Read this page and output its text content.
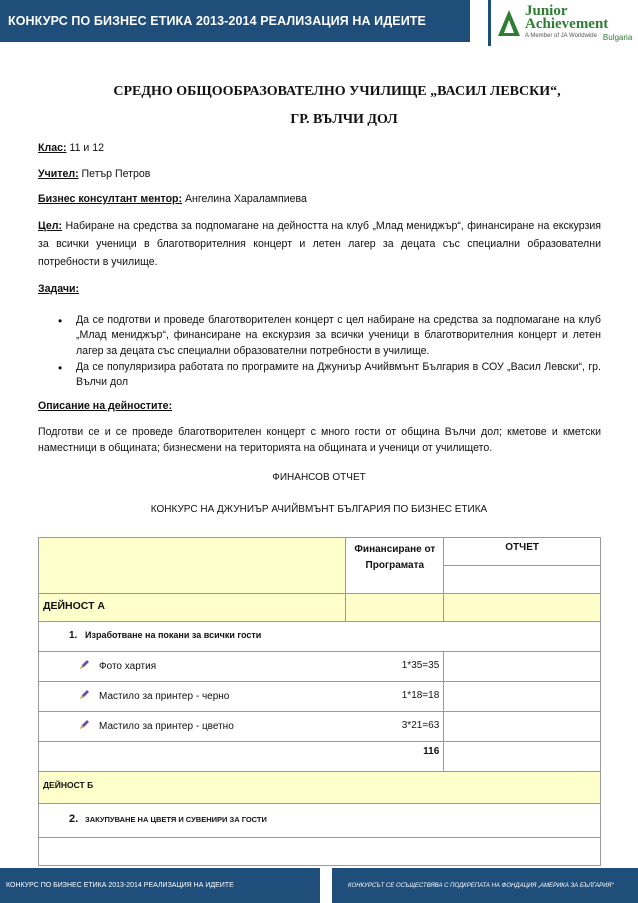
КОНКУРС ПО БИЗНЕС ЕТИКА 2013-2014 РЕАЛИЗАЦИЯ НА ИДЕИТЕ
Junior
Achievement
A Member of JA Worldwide Bulgaria
СРЕДНО ОБЩООБРАЗОВАТЕЛНО УЧИЛИЩЕ „ВАСИЛ ЛЕВСКИ“,
ГР. ВЪЛЧИ ДОЛ
Клас: 11 и 12
Учител: Петър Петров
Бизнес консултант ментор: Ангелина Харалампиева
Цел: Набиране на средства за подпомагане на дейността на клуб „Млад мениджър“, финансиране на екскурзия за всички ученици в благотворителния концерт и летен лагер за децата със специални образователни потребности в училище.
Задачи:
• Да се подготви и проведе благотворителен концерт с цел набиране на средства за подпомагане на клуб „Млад мениджър“, финансиране на екскурзия за всички ученици в благотворителния концерт и летен лагер за децата със специални образователни потребности в училище.
• Да се популяризира работата по програмите на Джуниър Ачийвмънт България в СОУ „Васил Левски“, гр. Вълчи дол
Описание на дейностите:
Подготви се и се проведе благотворителен концерт с много гости от община Вълчи дол; кметове и кметски наместници в общината; бизнесмени на територията на общината и ученици от училището.
ФИНАНСОВ ОТЧЕТ
КОНКУРС НА ДЖУНИЪР АЧИЙВМЪНТ БЪЛГАРИЯ ПО БИЗНЕС ЕТИКА
	Финансиране от Програмата	ОТЧЕТ

ДЕЙНОСТ А		
1. Изработване на покани за всички гости		

Фото хартия 1*35=35		

Мастило за принтер - черно 1*18=18		

Мастило за принтер - цветно 3*21=63		

116		
ДЕЙНОСТ Б		
2. ЗАКУПУВАНЕ НА ЦВЕТЯ И СУВЕНИРИ ЗА ГОСТИ		

КОНКУРС ПО БИЗНЕС ЕТИКА 2013-2014 РЕАЛИЗАЦИЯ НА ИДЕИТЕ	КОНКУРСЪТ СЕ ОСЪЩЕСТВЯВА С ПОДКРЕПАТА НА ФОНДАЦИЯ „АМЕРИКА ЗА БЪЛГАРИЯ“
